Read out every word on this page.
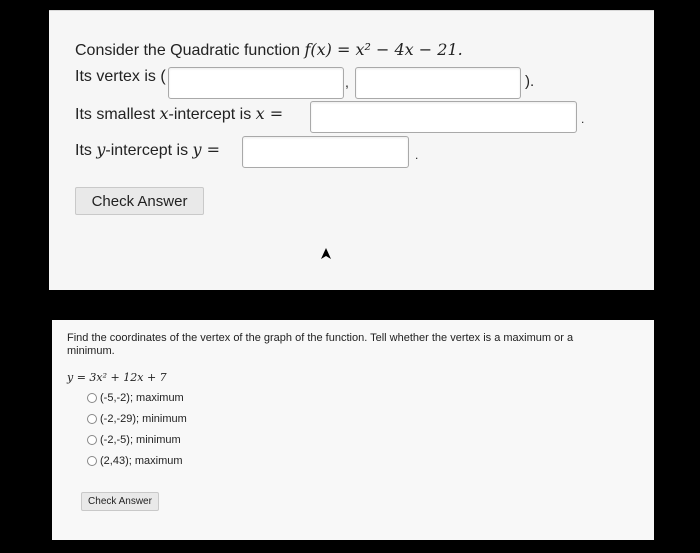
Consider the Quadratic function f(x) = x² − 4x − 21.
Its vertex is (	,	).
Its smallest x-intercept is x =	.
Its y-intercept is y =	.
Check Answer
Find the coordinates of the vertex of the graph of the function. Tell whether the vertex is a maximum or a
minimum.
y = 3x² + 12x + 7
(-5,-2); maximum
(-2,-29); minimum
(-2,-5); minimum
(2,43); maximum
Check Answer
